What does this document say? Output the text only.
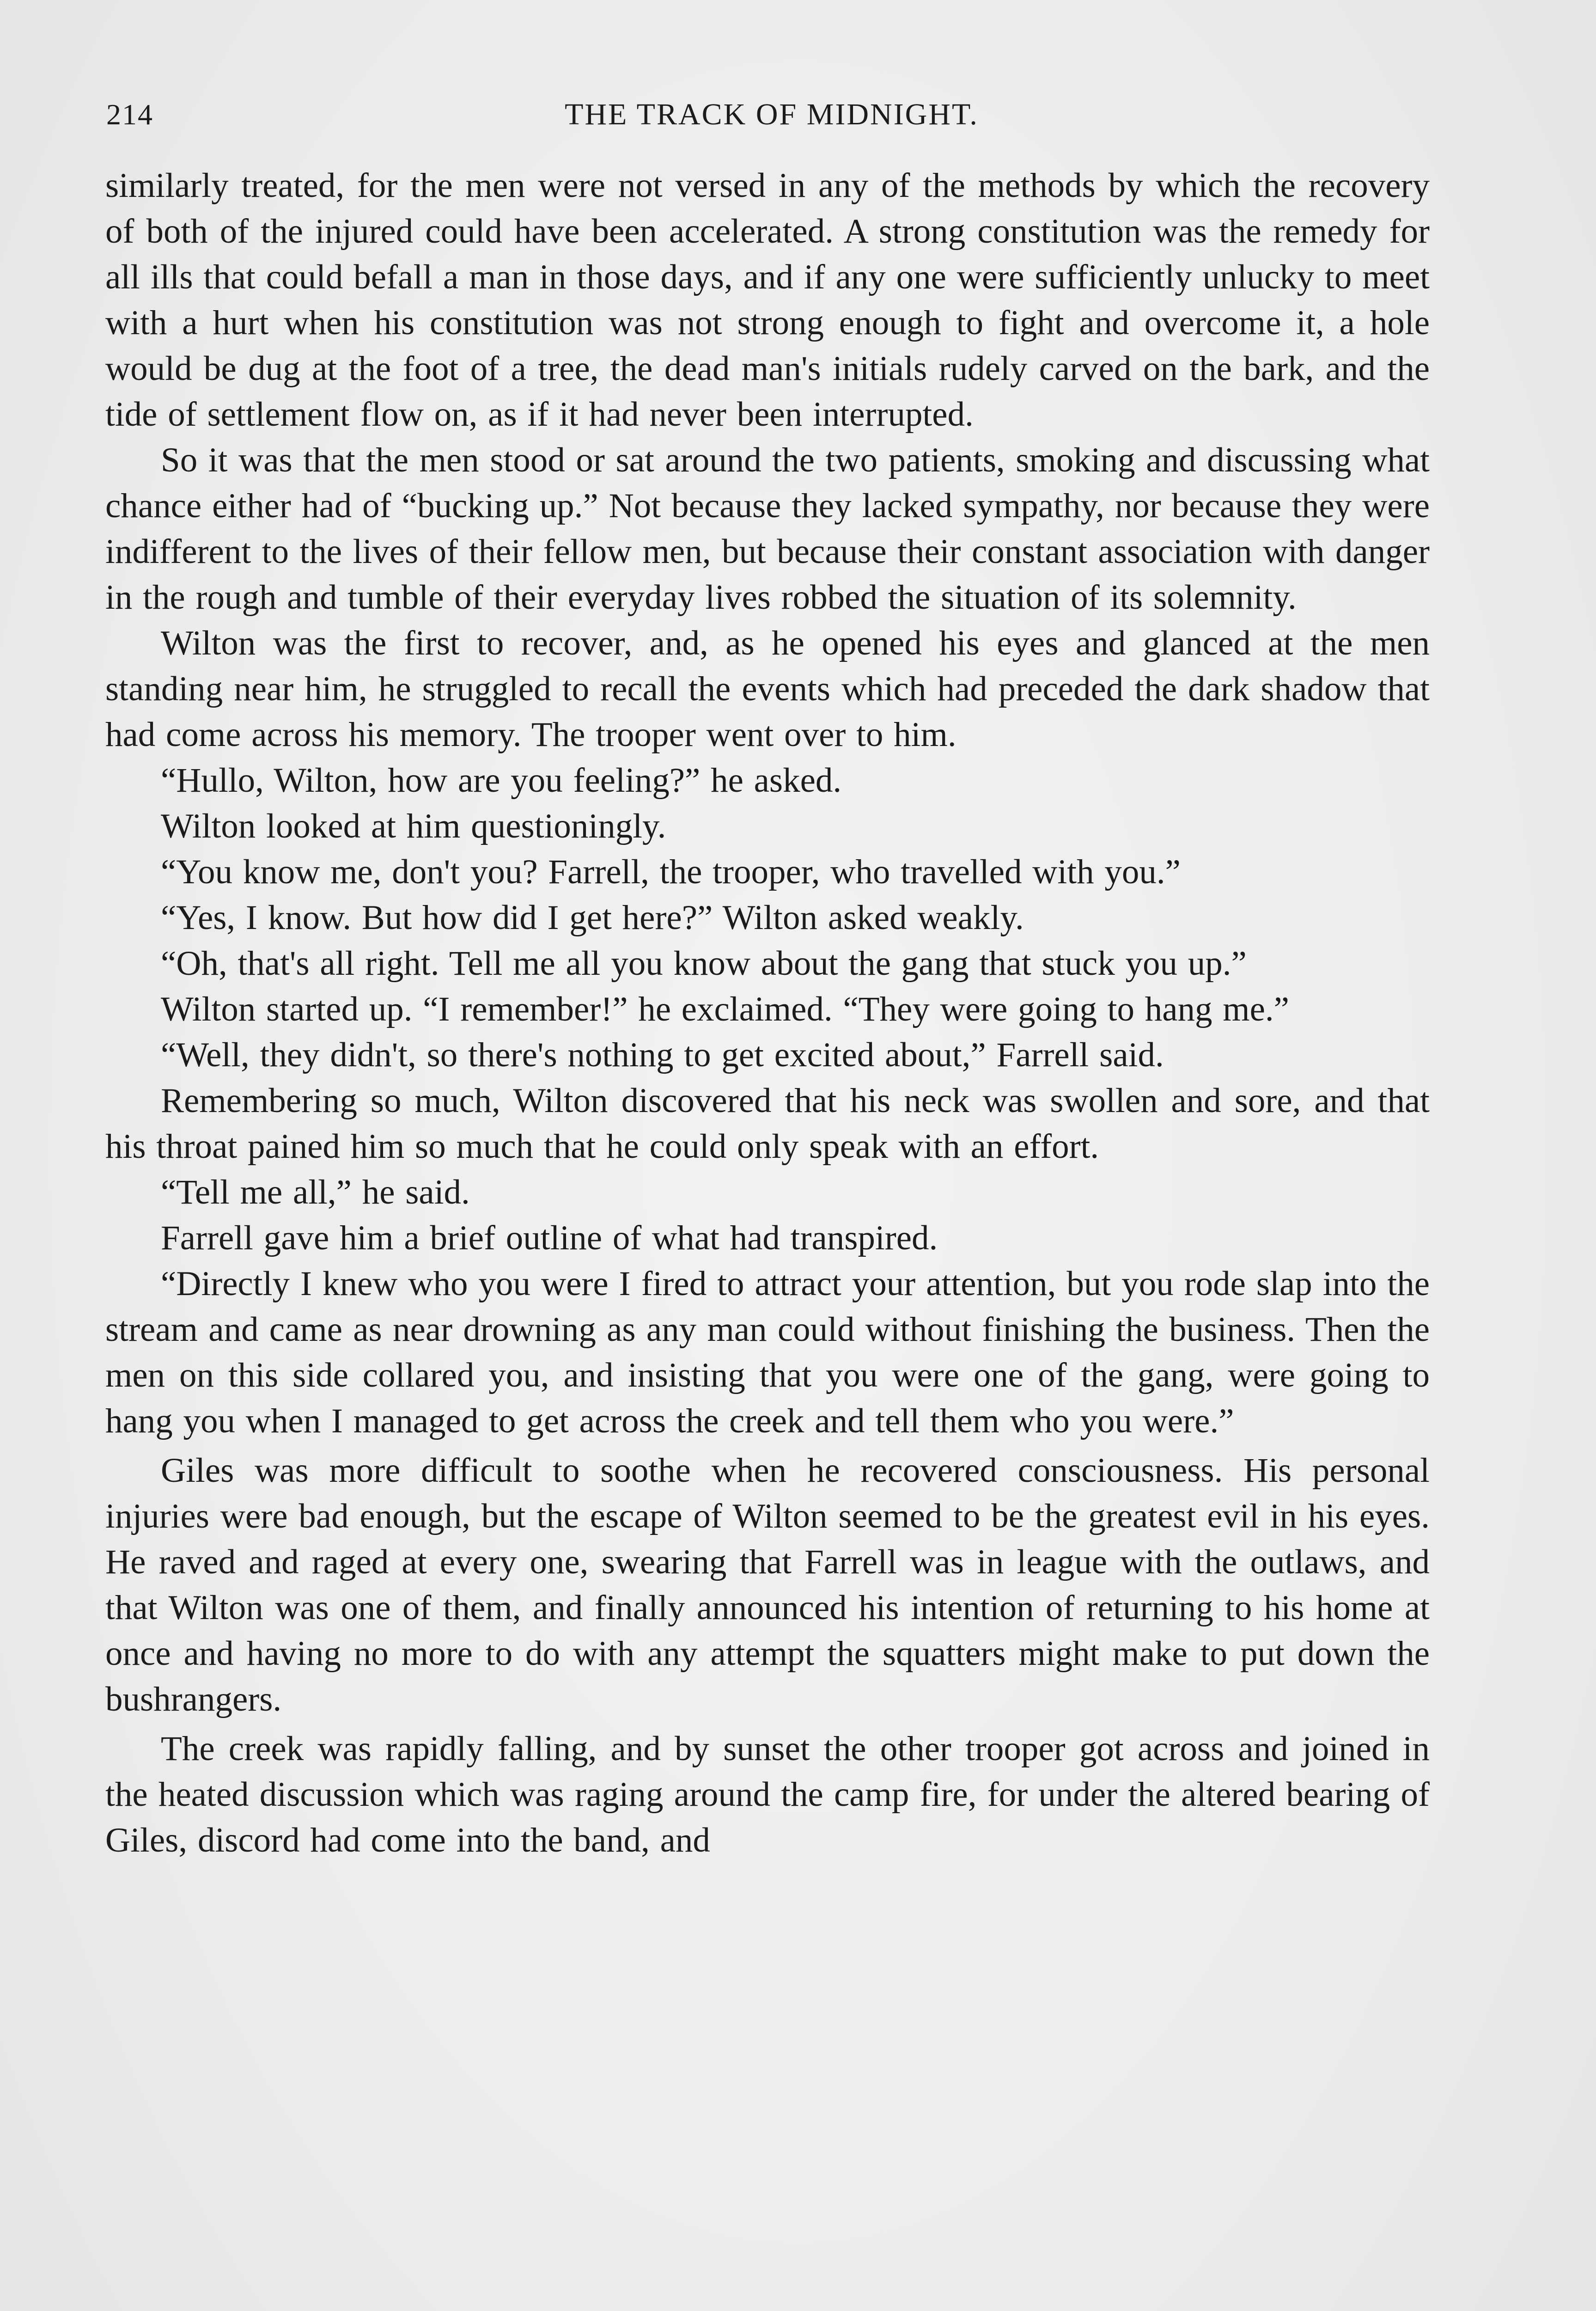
214	THE TRACK OF MIDNIGHT.

similarly treated, for the men were not versed in any of the methods by which the recovery of both of the injured could have been accelerated. A strong constitution was the remedy for all ills that could befall a man in those days, and if any one were sufficiently unlucky to meet with a hurt when his constitution was not strong enough to fight and overcome it, a hole would be dug at the foot of a tree, the dead man's initials rudely carved on the bark, and the tide of settlement flow on, as if it had never been interrupted.

So it was that the men stood or sat around the two patients, smoking and discussing what chance either had of “bucking up.” Not because they lacked sympathy, nor because they were indifferent to the lives of their fellow men, but because their constant association with danger in the rough and tumble of their everyday lives robbed the situation of its solemnity.

Wilton was the first to recover, and, as he opened his eyes and glanced at the men standing near him, he struggled to recall the events which had preceded the dark shadow that had come across his memory. The trooper went over to him.

“Hullo, Wilton, how are you feeling?” he asked.

Wilton looked at him questioningly.

“You know me, don't you? Farrell, the trooper, who travelled with you.”

“Yes, I know. But how did I get here?” Wilton asked weakly.

“Oh, that's all right. Tell me all you know about the gang that stuck you up.”

Wilton started up. “I remember!” he exclaimed. “They were going to hang me.”

“Well, they didn't, so there's nothing to get excited about,” Farrell said.

Remembering so much, Wilton discovered that his neck was swollen and sore, and that his throat pained him so much that he could only speak with an effort.

“Tell me all,” he said.

Farrell gave him a brief outline of what had transpired.

“Directly I knew who you were I fired to attract your attention, but you rode slap into the stream and came as near drowning as any man could without finishing the business. Then the men on this side collared you, and insisting that you were one of the gang, were going to hang you when I managed to get across the creek and tell them who you were.”

Giles was more difficult to soothe when he recovered consciousness. His personal injuries were bad enough, but the escape of Wilton seemed to be the greatest evil in his eyes. He raved and raged at every one, swearing that Farrell was in league with the outlaws, and that Wilton was one of them, and finally announced his intention of returning to his home at once and having no more to do with any attempt the squatters might make to put down the bushrangers.

The creek was rapidly falling, and by sunset the other trooper got across and joined in the heated discussion which was raging around the camp fire, for under the altered bearing of Giles, discord had come into the band, and
